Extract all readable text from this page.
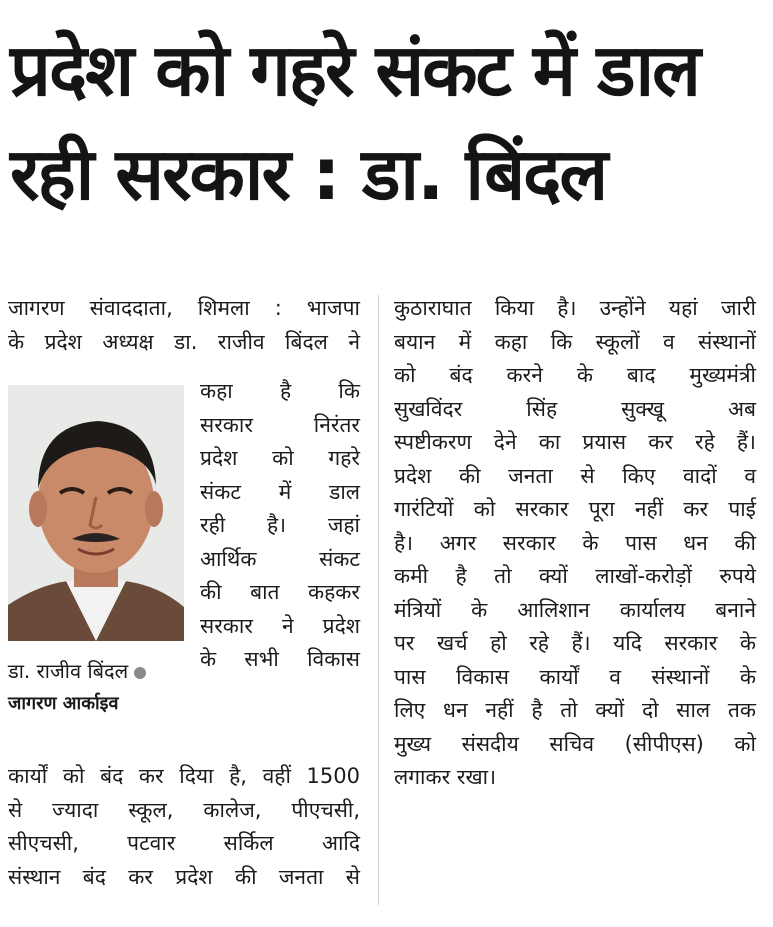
प्रदेश को गहरे संकट में डाल
रही सरकार : डा. बिंदल
जागरण संवाददाता, शिमला : भाजपा
के प्रदेश अध्यक्ष डा. राजीव बिंदल ने
कहा है कि
सरकार निरंतर
प्रदेश को गहरे
संकट में डाल
रही है। जहां
आर्थिक संकट
की बात कहकर
सरकार ने प्रदेश
के सभी विकास
डा. राजीव बिंदल
जागरण आर्काइव
कार्यों को बंद कर दिया है, वहीं 1500
से ज्यादा स्कूल, कालेज, पीएचसी,
सीएचसी, पटवार सर्किल आदि
संस्थान बंद कर प्रदेश की जनता से
कुठाराघात किया है। उन्होंने यहां जारी
बयान में कहा कि स्कूलों व संस्थानों
को बंद करने के बाद मुख्यमंत्री
सुखविंदर सिंह सुक्खू अब
स्पष्टीकरण देने का प्रयास कर रहे हैं।
प्रदेश की जनता से किए वादों व
गारंटियों को सरकार पूरा नहीं कर पाई
है। अगर सरकार के पास धन की
कमी है तो क्यों लाखों-करोड़ों रुपये
मंत्रियों के आलिशान कार्यालय बनाने
पर खर्च हो रहे हैं। यदि सरकार के
पास विकास कार्यों व संस्थानों के
लिए धन नहीं है तो क्यों दो साल तक
मुख्य संसदीय सचिव (सीपीएस) को
लगाकर रखा।
